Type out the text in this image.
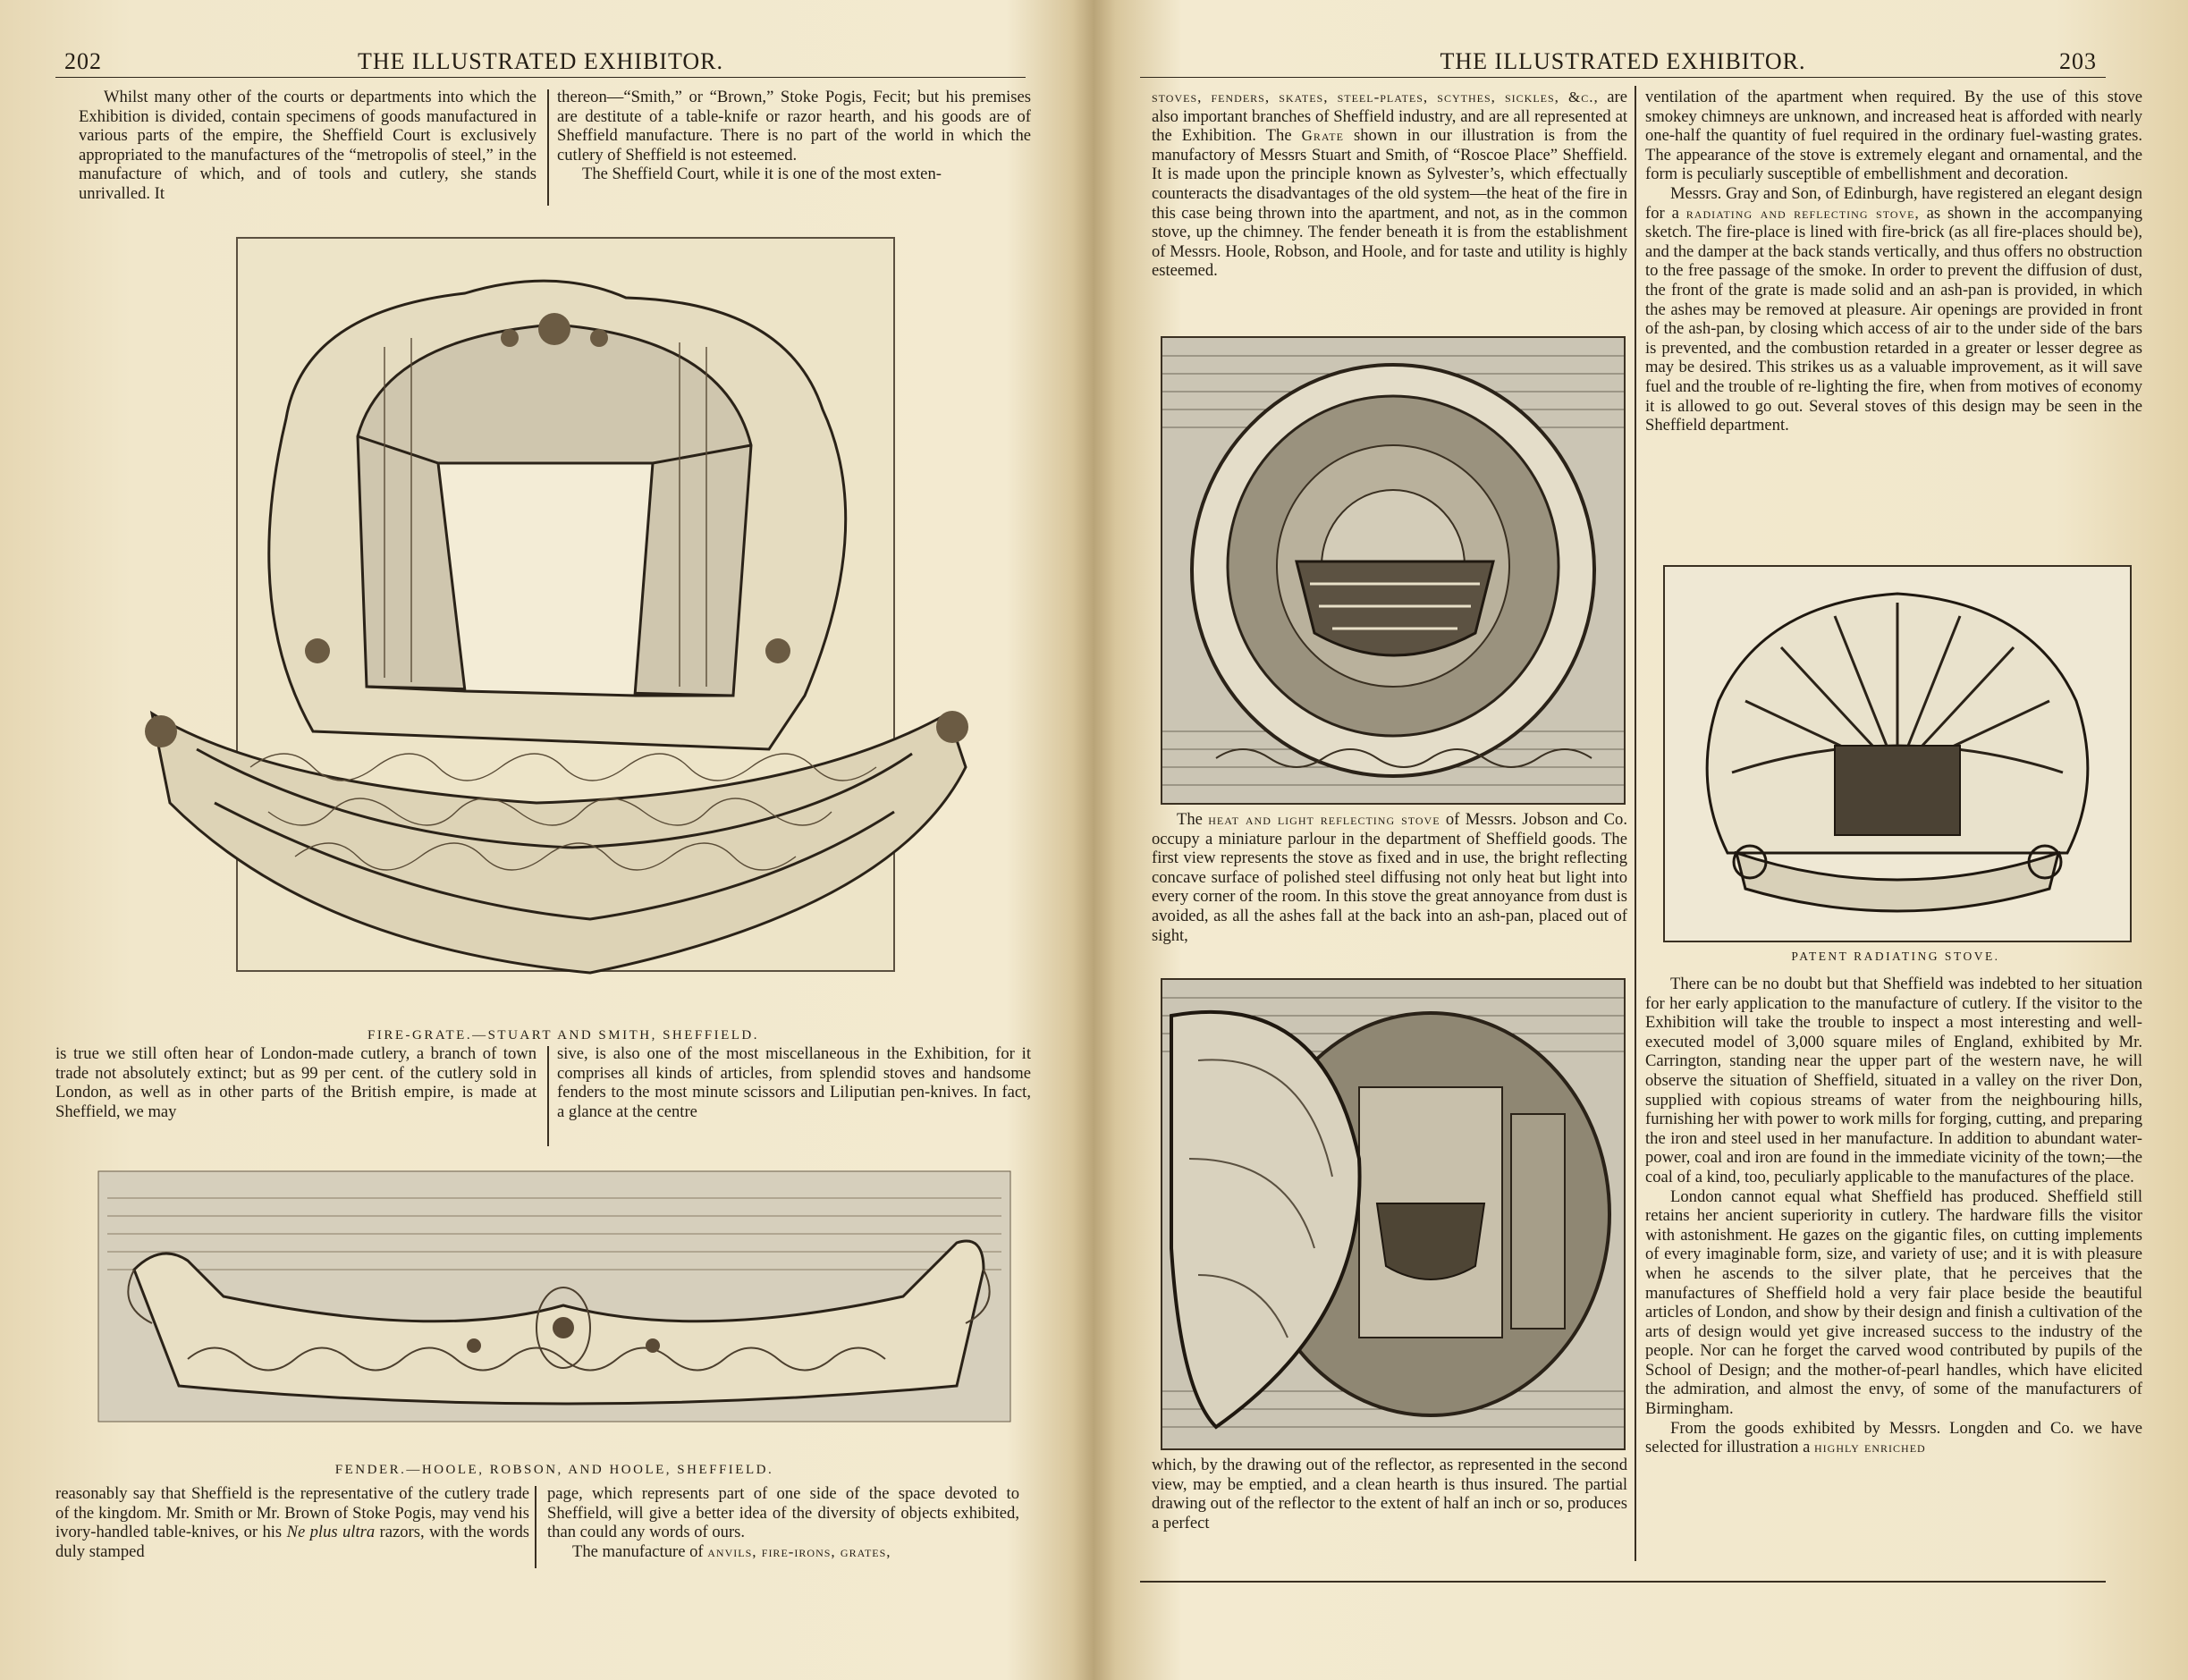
202	THE ILLUSTRATED EXHIBITOR.

Whilst many other of the courts or departments into which the Exhibition is divided, contain specimens of goods manufactured in various parts of the empire, the Sheffield Court is exclusively appropriated to the manufactures of the “metropolis of steel,” in the manufacture of which, and of tools and cutlery, she stands unrivalled. It

thereon—“Smith,” or “Brown,” Stoke Pogis, Fecit; but his premises are destitute of a table-knife or razor hearth, and his goods are of Sheffield manufacture. There is no part of the world in which the cutlery of Sheffield is not esteemed.

The Sheffield Court, while it is one of the most exten-

FIRE-GRATE.—STUART AND SMITH, SHEFFIELD.

is true we still often hear of London-made cutlery, a branch of town trade not absolutely extinct; but as 99 per cent. of the cutlery sold in London, as well as in other parts of the British empire, is made at Sheffield, we may

sive, is also one of the most miscellaneous in the Exhibition, for it comprises all kinds of articles, from splendid stoves and handsome fenders to the most minute scissors and Liliputian pen-knives. In fact, a glance at the centre

FENDER.—HOOLE, ROBSON, AND HOOLE, SHEFFIELD.

reasonably say that Sheffield is the representative of the cutlery trade of the kingdom. Mr. Smith or Mr. Brown of Stoke Pogis, may vend his ivory-handled table-knives, or his Ne plus ultra razors, with the words duly stamped

page, which represents part of one side of the space devoted to Sheffield, will give a better idea of the diversity of objects exhibited, than could any words of ours.

The manufacture of anvils, fire-irons, grates,

THE ILLUSTRATED EXHIBITOR.	203

stoves, fenders, skates, steel-plates, scythes, sickles, &c., are also important branches of Sheffield industry, and are all represented at the Exhibition. The Grate shown in our illustration is from the manufactory of Messrs Stuart and Smith, of “Roscoe Place” Sheffield. It is made upon the principle known as Sylvester’s, which effectually counteracts the disadvantages of the old system—the heat of the fire in this case being thrown into the apartment, and not, as in the common stove, up the chimney. The fender beneath it is from the establishment of Messrs. Hoole, Robson, and Hoole, and for taste and utility is highly esteemed.

The heat and light reflecting stove of Messrs. Jobson and Co. occupy a miniature parlour in the department of Sheffield goods. The first view represents the stove as fixed and in use, the bright reflecting concave surface of polished steel diffusing not only heat but light into every corner of the room. In this stove the great annoyance from dust is avoided, as all the ashes fall at the back into an ash-pan, placed out of sight,

which, by the drawing out of the reflector, as represented in the second view, may be emptied, and a clean hearth is thus insured. The partial drawing out of the reflector to the extent of half an inch or so, produces a perfect

ventilation of the apartment when required. By the use of this stove smokey chimneys are unknown, and increased heat is afforded with nearly one-half the quantity of fuel required in the ordinary fuel-wasting grates. The appearance of the stove is extremely elegant and ornamental, and the form is peculiarly susceptible of embellishment and decoration.

Messrs. Gray and Son, of Edinburgh, have registered an elegant design for a radiating and reflecting stove, as shown in the accompanying sketch. The fire-place is lined with fire-brick (as all fire-places should be), and the damper at the back stands vertically, and thus offers no obstruction to the free passage of the smoke. In order to prevent the diffusion of dust, the front of the grate is made solid and an ash-pan is provided, in which the ashes may be removed at pleasure. Air openings are provided in front of the ash-pan, by closing which access of air to the under side of the bars is prevented, and the combustion retarded in a greater or lesser degree as may be desired. This strikes us as a valuable improvement, as it will save fuel and the trouble of re-lighting the fire, when from motives of economy it is allowed to go out. Several stoves of this design may be seen in the Sheffield department.

PATENT RADIATING STOVE.

There can be no doubt but that Sheffield was indebted to her situation for her early application to the manufacture of cutlery. If the visitor to the Exhibition will take the trouble to inspect a most interesting and well-executed model of 3,000 square miles of England, exhibited by Mr. Carrington, standing near the upper part of the western nave, he will observe the situation of Sheffield, situated in a valley on the river Don, supplied with copious streams of water from the neighbouring hills, furnishing her with power to work mills for forging, cutting, and preparing the iron and steel used in her manufacture. In addition to abundant water-power, coal and iron are found in the immediate vicinity of the town;—the coal of a kind, too, peculiarly applicable to the manufactures of the place.

London cannot equal what Sheffield has produced. Sheffield still retains her ancient superiority in cutlery. The hardware fills the visitor with astonishment. He gazes on the gigantic files, on cutting implements of every imaginable form, size, and variety of use; and it is with pleasure when he ascends to the silver plate, that he perceives that the manufactures of Sheffield hold a very fair place beside the beautiful articles of London, and show by their design and finish a cultivation of the arts of design would yet give increased success to the industry of the people. Nor can he forget the carved wood contributed by pupils of the School of Design; and the mother-of-pearl handles, which have elicited the admiration, and almost the envy, of some of the manufacturers of Birmingham.

From the goods exhibited by Messrs. Longden and Co. we have selected for illustration a highly enriched
